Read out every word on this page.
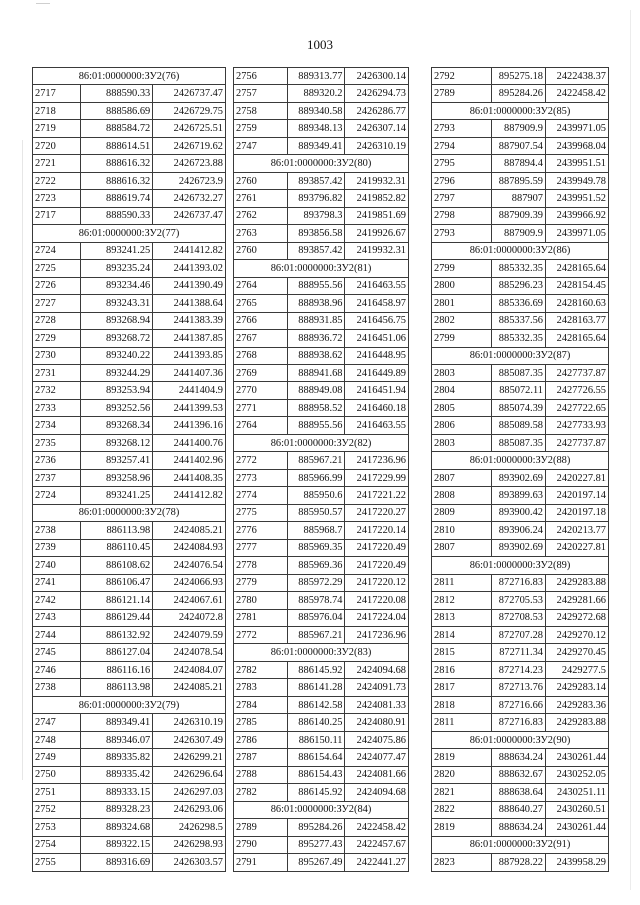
1003
86:01:0000000:ЗУ2(76)		
2717	888590.33	2426737.47
2718	888586.69	2426729.75
2719	888584.72	2426725.51
2720	888614.51	2426719.62
2721	888616.32	2426723.88
2722	888616.32	2426723.9
2723	888619.74	2426732.27
2717	888590.33	2426737.47
86:01:0000000:ЗУ2(77)		
2724	893241.25	2441412.82
2725	893235.24	2441393.02
2726	893234.46	2441390.49
2727	893243.31	2441388.64
2728	893268.94	2441383.39
2729	893268.72	2441387.85
2730	893240.22	2441393.85
2731	893244.29	2441407.36
2732	893253.94	2441404.9
2733	893252.56	2441399.53
2734	893268.34	2441396.16
2735	893268.12	2441400.76
2736	893257.41	2441402.96
2737	893258.96	2441408.35
2724	893241.25	2441412.82
86:01:0000000:ЗУ2(78)		
2738	886113.98	2424085.21
2739	886110.45	2424084.93
2740	886108.62	2424076.54
2741	886106.47	2424066.93
2742	886121.14	2424067.61
2743	886129.44	2424072.8
2744	886132.92	2424079.59
2745	886127.04	2424078.54
2746	886116.16	2424084.07
2738	886113.98	2424085.21
86:01:0000000:ЗУ2(79)		
2747	889349.41	2426310.19
2748	889346.07	2426307.49
2749	889335.82	2426299.21
2750	889335.42	2426296.64
2751	889333.15	2426297.03
2752	889328.23	2426293.06
2753	889324.68	2426298.5
2754	889322.15	2426298.93
2755	889316.69	2426303.57
2756	889313.77	2426300.14
2757	889320.2	2426294.73
2758	889340.58	2426286.77
2759	889348.13	2426307.14
2747	889349.41	2426310.19
86:01:0000000:ЗУ2(80)		
2760	893857.42	2419932.31
2761	893796.82	2419852.82
2762	893798.3	2419851.69
2763	893856.58	2419926.67
2760	893857.42	2419932.31
86:01:0000000:ЗУ2(81)		
2764	888955.56	2416463.55
2765	888938.96	2416458.97
2766	888931.85	2416456.75
2767	888936.72	2416451.06
2768	888938.62	2416448.95
2769	888941.68	2416449.89
2770	888949.08	2416451.94
2771	888958.52	2416460.18
2764	888955.56	2416463.55
86:01:0000000:ЗУ2(82)		
2772	885967.21	2417236.96
2773	885966.99	2417229.99
2774	885950.6	2417221.22
2775	885950.57	2417220.27
2776	885968.7	2417220.14
2777	885969.35	2417220.49
2778	885969.36	2417220.49
2779	885972.29	2417220.12
2780	885978.74	2417220.08
2781	885976.04	2417224.04
2772	885967.21	2417236.96
86:01:0000000:ЗУ2(83)		
2782	886145.92	2424094.68
2783	886141.28	2424091.73
2784	886142.58	2424081.33
2785	886140.25	2424080.91
2786	886150.11	2424075.86
2787	886154.64	2424077.47
2788	886154.43	2424081.66
2782	886145.92	2424094.68
86:01:0000000:ЗУ2(84)		
2789	895284.26	2422458.42
2790	895277.43	2422457.67
2791	895267.49	2422441.27
2792	895275.18	2422438.37
2789	895284.26	2422458.42
86:01:0000000:ЗУ2(85)		
2793	887909.9	2439971.05
2794	887907.54	2439968.04
2795	887894.4	2439951.51
2796	887895.59	2439949.78
2797	887907	2439951.52
2798	887909.39	2439966.92
2793	887909.9	2439971.05
86:01:0000000:ЗУ2(86)		
2799	885332.35	2428165.64
2800	885296.23	2428154.45
2801	885336.69	2428160.63
2802	885337.56	2428163.77
2799	885332.35	2428165.64
86:01:0000000:ЗУ2(87)		
2803	885087.35	2427737.87
2804	885072.11	2427726.55
2805	885074.39	2427722.65
2806	885089.58	2427733.93
2803	885087.35	2427737.87
86:01:0000000:ЗУ2(88)		
2807	893902.69	2420227.81
2808	893899.63	2420197.14
2809	893900.42	2420197.18
2810	893906.24	2420213.77
2807	893902.69	2420227.81
86:01:0000000:ЗУ2(89)		
2811	872716.83	2429283.88
2812	872705.53	2429281.66
2813	872708.53	2429272.68
2814	872707.28	2429270.12
2815	872711.34	2429270.45
2816	872714.23	2429277.5
2817	872713.76	2429283.14
2818	872716.66	2429283.36
2811	872716.83	2429283.88
86:01:0000000:ЗУ2(90)		
2819	888634.24	2430261.44
2820	888632.67	2430252.05
2821	888638.64	2430251.11
2822	888640.27	2430260.51
2819	888634.24	2430261.44
86:01:0000000:ЗУ2(91)		
2823	887928.22	2439958.29
